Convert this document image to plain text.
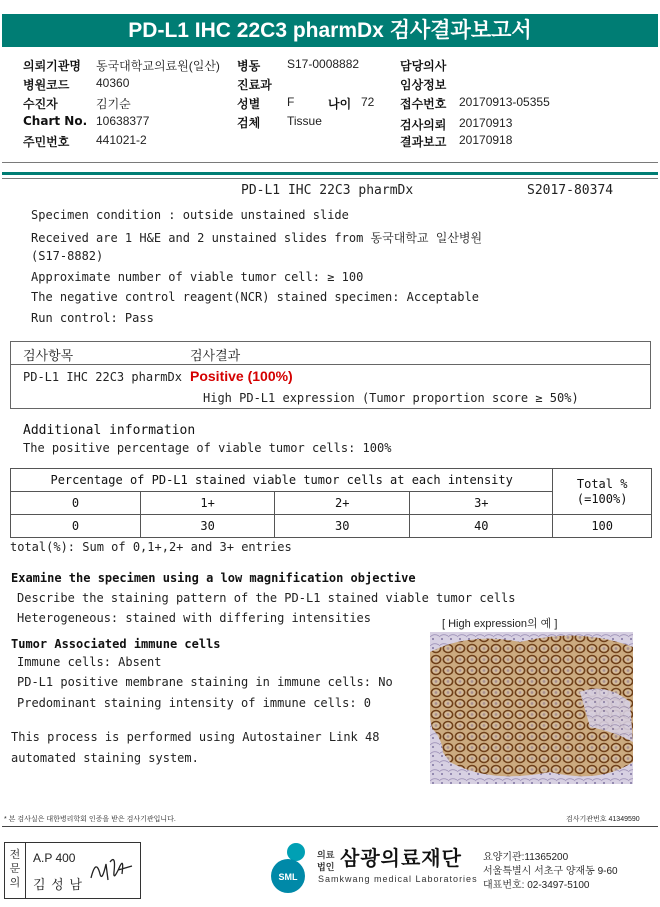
PD-L1 IHC 22C3 pharmDx 검사결과보고서
의뢰기관명 동국대학교의료원(일산)
병원코드 40360
수진자	김기순
Chart No. 10638377
주민번호 441021-2
병동 S17-0008882
진료과
성별 F	나이 72
검체 Tissue
담당의사
임상정보
접수번호 20170913-05355
검사의뢰 20170913
결과보고 20170918
PD-L1 IHC 22C3 pharmDx	S2017-80374
Specimen condition : outside unstained slide
Received are 1 H&E and 2 unstained slides from 동국대학교 일산병원
(S17-8882)
Approximate number of viable tumor cell: ≥ 100
The negative control reagent(NCR) stained specimen: Acceptable
Run control: Pass
검사항목	검사결과
PD-L1 IHC 22C3 pharmDx Positive (100%)
High PD-L1 expression (Tumor proportion score ≥ 50%)
Additional information
The positive percentage of viable tumor cells: 100%
Percentage of PD-L1 stained viable tumor cells at each intensity				Total %
(=100%)
0	1+	2+	3+	
0	30	30	40	100
total(%): Sum of 0,1+,2+ and 3+ entries
Examine the specimen using a low magnification objective
Describe the staining pattern of the PD-L1 stained viable tumor cells
Heterogeneous: stained with differing intensities	[ High expression의 예 ]
Tumor Associated immune cells
Immune cells: Absent
PD-L1 positive membrane staining in immune cells: No
Predominant staining intensity of immune cells: 0
This process is performed using Autostainer Link 48
automated staining system.
* 본 검사실은 대한병리학회 인증을 받은 검사기관입니다.	검사기관번호 41349590
전문의
A.P 400
김 성 남	SML
의료
법인 삼광의료재단
Samkwang medical Laboratories
요양기관:11365200
서울특별시 서초구 양재동 9-60
대표번호: 02-3497-5100
